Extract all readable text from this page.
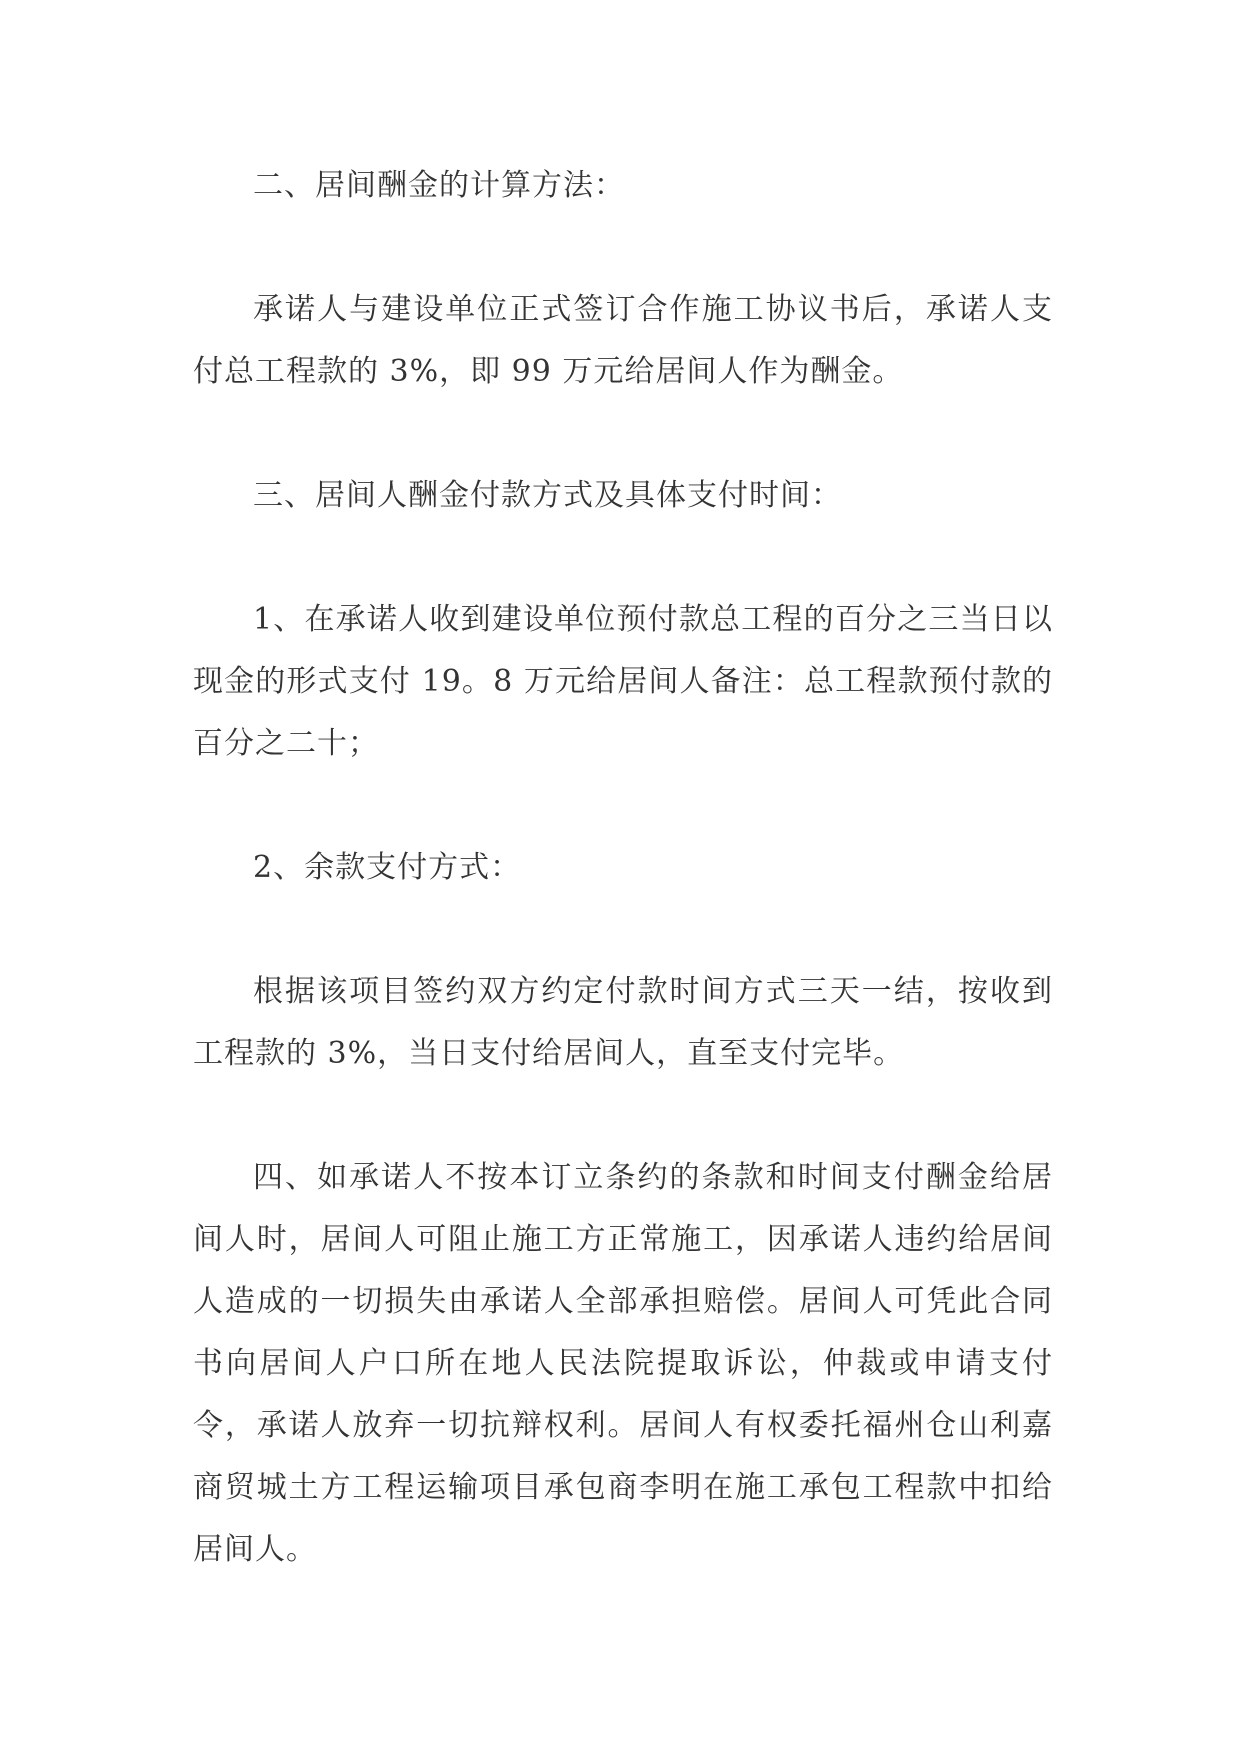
二、居间酬金的计算方法：

承诺人与建设单位正式签订合作施工协议书后，承诺人支付总工程款的 3%，即 99 万元给居间人作为酬金。

三、居间人酬金付款方式及具体支付时间：

1、在承诺人收到建设单位预付款总工程的百分之三当日以现金的形式支付 19。8 万元给居间人备注：总工程款预付款的百分之二十；

2、余款支付方式：

根据该项目签约双方约定付款时间方式三天一结，按收到工程款的 3%，当日支付给居间人，直至支付完毕。

四、如承诺人不按本订立条约的条款和时间支付酬金给居间人时，居间人可阻止施工方正常施工，因承诺人违约给居间人造成的一切损失由承诺人全部承担赔偿。居间人可凭此合同书向居间人户口所在地人民法院提取诉讼，仲裁或申请支付令，承诺人放弃一切抗辩权利。居间人有权委托福州仓山利嘉商贸城土方工程运输项目承包商李明在施工承包工程款中扣给居间人。
